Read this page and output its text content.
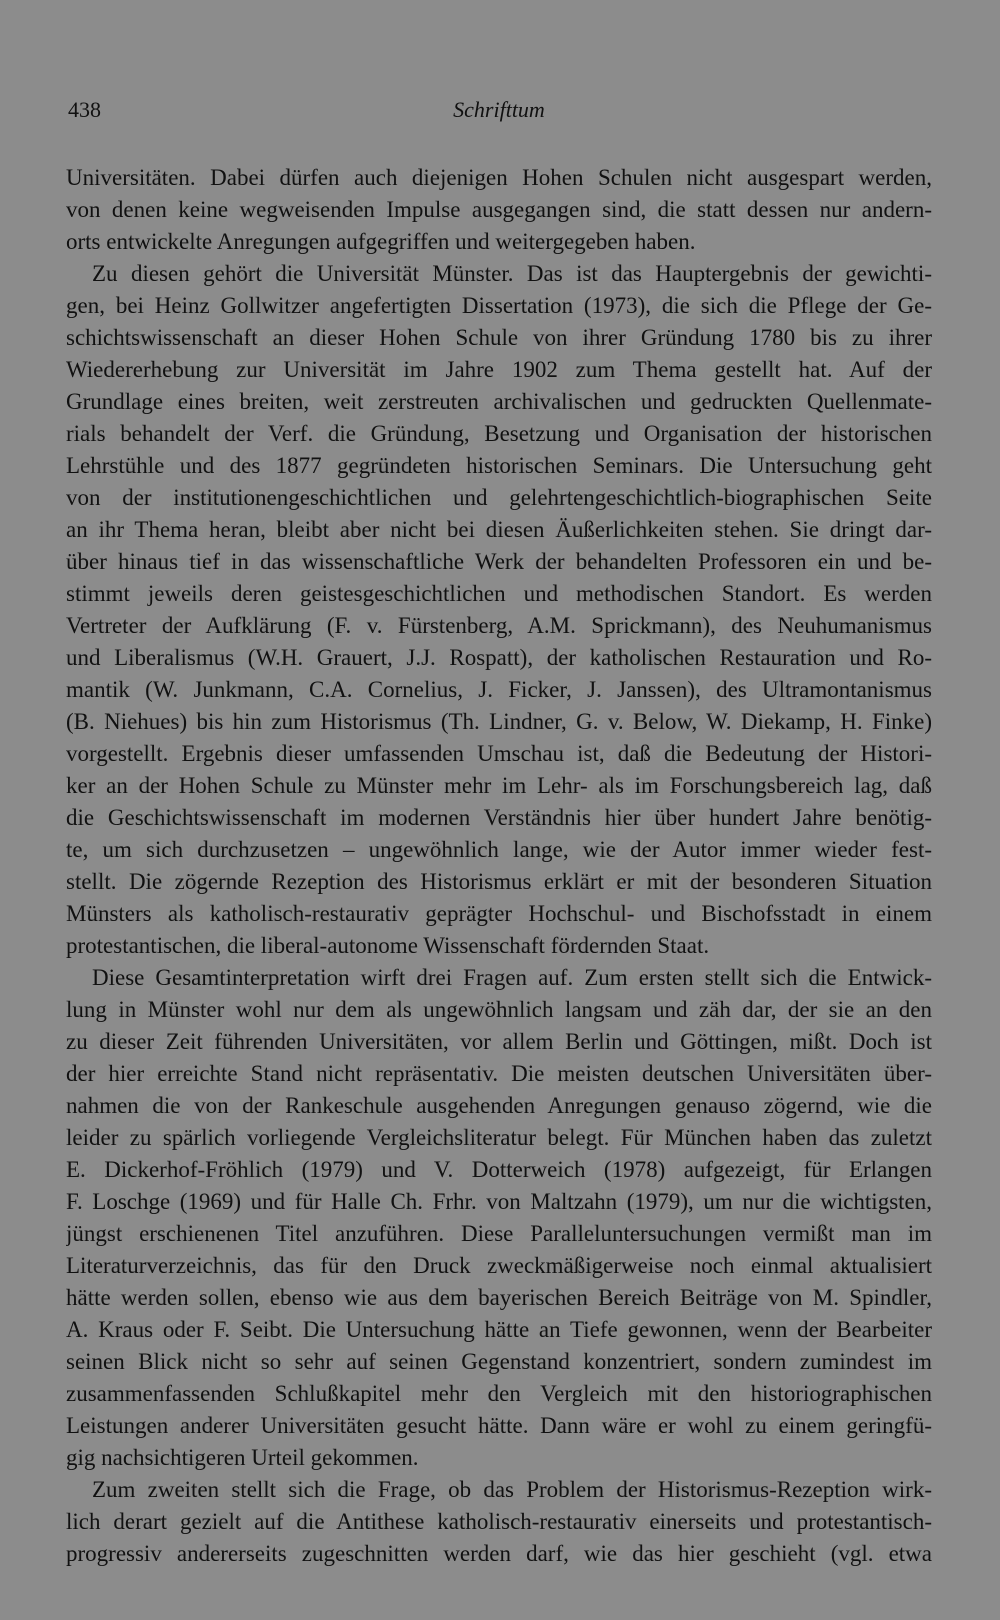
438	Schrifttum
Universitäten. Dabei dürfen auch diejenigen Hohen Schulen nicht ausgespart werden,
von denen keine wegweisenden Impulse ausgegangen sind, die statt dessen nur andern-
orts entwickelte Anregungen aufgegriffen und weitergegeben haben.
Zu diesen gehört die Universität Münster. Das ist das Hauptergebnis der gewichti-
gen, bei Heinz Gollwitzer angefertigten Dissertation (1973), die sich die Pflege der Ge-
schichtswissenschaft an dieser Hohen Schule von ihrer Gründung 1780 bis zu ihrer
Wiedererhebung zur Universität im Jahre 1902 zum Thema gestellt hat. Auf der
Grundlage eines breiten, weit zerstreuten archivalischen und gedruckten Quellenmate-
rials behandelt der Verf. die Gründung, Besetzung und Organisation der historischen
Lehrstühle und des 1877 gegründeten historischen Seminars. Die Untersuchung geht
von der institutionengeschichtlichen und gelehrtengeschichtlich-biographischen Seite
an ihr Thema heran, bleibt aber nicht bei diesen Äußerlichkeiten stehen. Sie dringt dar-
über hinaus tief in das wissenschaftliche Werk der behandelten Professoren ein und be-
stimmt jeweils deren geistesgeschichtlichen und methodischen Standort. Es werden
Vertreter der Aufklärung (F. v. Fürstenberg, A.M. Sprickmann), des Neuhumanismus
und Liberalismus (W.H. Grauert, J.J. Rospatt), der katholischen Restauration und Ro-
mantik (W. Junkmann, C.A. Cornelius, J. Ficker, J. Janssen), des Ultramontanismus
(B. Niehues) bis hin zum Historismus (Th. Lindner, G. v. Below, W. Diekamp, H. Finke)
vorgestellt. Ergebnis dieser umfassenden Umschau ist, daß die Bedeutung der Histori-
ker an der Hohen Schule zu Münster mehr im Lehr- als im Forschungsbereich lag, daß
die Geschichtswissenschaft im modernen Verständnis hier über hundert Jahre benötig-
te, um sich durchzusetzen – ungewöhnlich lange, wie der Autor immer wieder fest-
stellt. Die zögernde Rezeption des Historismus erklärt er mit der besonderen Situation
Münsters als katholisch-restaurativ geprägter Hochschul- und Bischofsstadt in einem
protestantischen, die liberal-autonome Wissenschaft fördernden Staat.
Diese Gesamtinterpretation wirft drei Fragen auf. Zum ersten stellt sich die Entwick-
lung in Münster wohl nur dem als ungewöhnlich langsam und zäh dar, der sie an den
zu dieser Zeit führenden Universitäten, vor allem Berlin und Göttingen, mißt. Doch ist
der hier erreichte Stand nicht repräsentativ. Die meisten deutschen Universitäten über-
nahmen die von der Rankeschule ausgehenden Anregungen genauso zögernd, wie die
leider zu spärlich vorliegende Vergleichsliteratur belegt. Für München haben das zuletzt
E. Dickerhof-Fröhlich (1979) und V. Dotterweich (1978) aufgezeigt, für Erlangen
F. Loschge (1969) und für Halle Ch. Frhr. von Maltzahn (1979), um nur die wichtigsten,
jüngst erschienenen Titel anzuführen. Diese Paralleluntersuchungen vermißt man im
Literaturverzeichnis, das für den Druck zweckmäßigerweise noch einmal aktualisiert
hätte werden sollen, ebenso wie aus dem bayerischen Bereich Beiträge von M. Spindler,
A. Kraus oder F. Seibt. Die Untersuchung hätte an Tiefe gewonnen, wenn der Bearbeiter
seinen Blick nicht so sehr auf seinen Gegenstand konzentriert, sondern zumindest im
zusammenfassenden Schlußkapitel mehr den Vergleich mit den historiographischen
Leistungen anderer Universitäten gesucht hätte. Dann wäre er wohl zu einem geringfü-
gig nachsichtigeren Urteil gekommen.
Zum zweiten stellt sich die Frage, ob das Problem der Historismus-Rezeption wirk-
lich derart gezielt auf die Antithese katholisch-restaurativ einerseits und protestantisch-
progressiv andererseits zugeschnitten werden darf, wie das hier geschieht (vgl. etwa
